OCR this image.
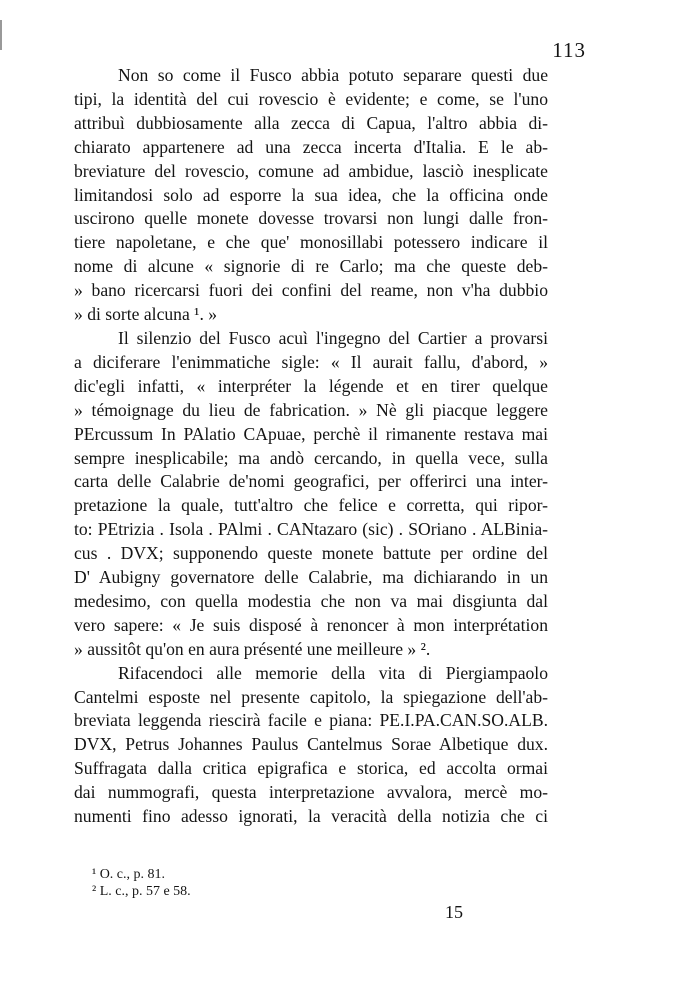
113
Non so come il Fusco abbia potuto separare questi due
tipi, la identità del cui rovescio è evidente; e come, se l'uno
attribuì dubbiosamente alla zecca di Capua, l'altro abbia di-
chiarato appartenere ad una zecca incerta d'Italia. E le ab-
breviature del rovescio, comune ad ambidue, lasciò inesplicate
limitandosi solo ad esporre la sua idea, che la officina onde
uscirono quelle monete dovesse trovarsi non lungi dalle fron-
tiere napoletane, e che que' monosillabi potessero indicare il
nome di alcune « signorie di re Carlo; ma che queste deb-
» bano ricercarsi fuori dei confini del reame, non v'ha dubbio
» di sorte alcuna ¹. »
Il silenzio del Fusco acuì l'ingegno del Cartier a provarsi
a diciferare l'enimmatiche sigle: « Il aurait fallu, d'abord, »
dic'egli infatti, « interpréter la légende et en tirer quelque
» témoignage du lieu de fabrication. » Nè gli piacque leggere
PErcussum In PAlatio CApuae, perchè il rimanente restava mai
sempre inesplicabile; ma andò cercando, in quella vece, sulla
carta delle Calabrie de'nomi geografici, per offerirci una inter-
pretazione la quale, tutt'altro che felice e corretta, qui ripor-
to: PEtrizia . Isola . PAlmi . CANtazaro (sic) . SOriano . ALBinia-
cus . DVX; supponendo queste monete battute per ordine del
D' Aubigny governatore delle Calabrie, ma dichiarando in un
medesimo, con quella modestia che non va mai disgiunta dal
vero sapere: « Je suis disposé à renoncer à mon interprétation
» aussitôt qu'on en aura présenté une meilleure » ².
Rifacendoci alle memorie della vita di Piergiampaolo
Cantelmi esposte nel presente capitolo, la spiegazione dell'ab-
breviata leggenda riescirà facile e piana: PE.I.PA.CAN.SO.ALB.
DVX, Petrus Johannes Paulus Cantelmus Sorae Albetique dux.
Suffragata dalla critica epigrafica e storica, ed accolta ormai
dai nummografi, questa interpretazione avvalora, mercè mo-
numenti fino adesso ignorati, la veracità della notizia che ci
¹ O. c., p. 81.
² L. c., p. 57 e 58.
15
